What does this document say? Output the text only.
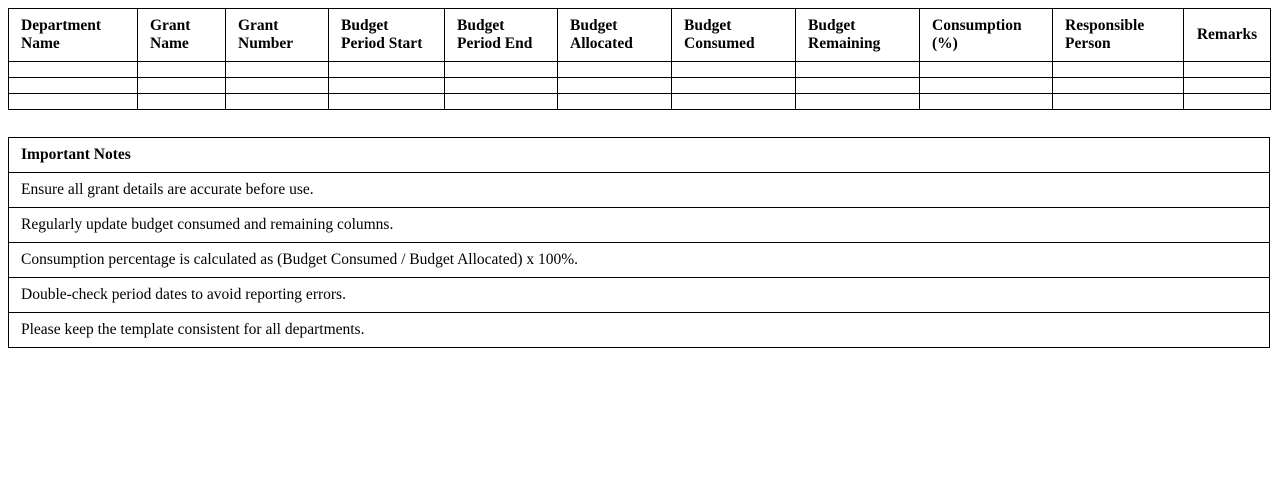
Department Name	Grant Name	Grant Number	Budget Period Start	Budget Period End	Budget Allocated	Budget Consumed	Budget Remaining	Consumption (%)	Responsible Person	Remarks

Important Notes
Ensure all grant details are accurate before use.
Regularly update budget consumed and remaining columns.
Consumption percentage is calculated as (Budget Consumed / Budget Allocated) x 100%.
Double-check period dates to avoid reporting errors.
Please keep the template consistent for all departments.
